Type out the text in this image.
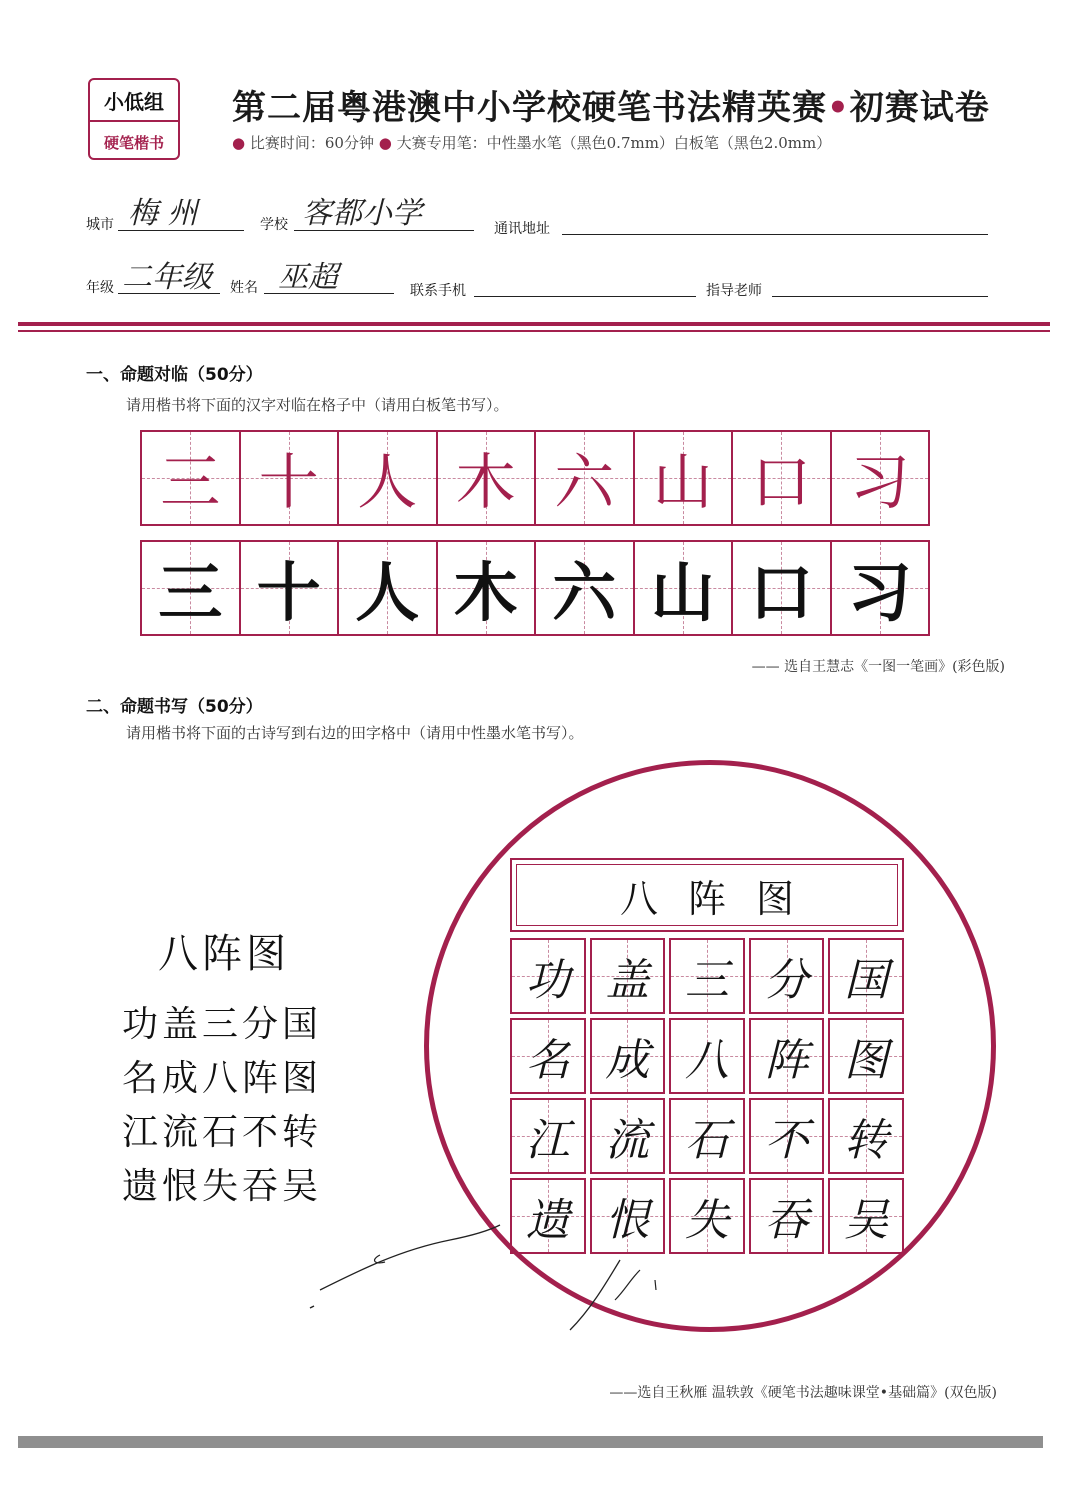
小低组
硬笔楷书
第二届粤港澳中小学校硬笔书法精英赛•初赛试卷
● 比赛时间：60分钟 ● 大赛专用笔：中性墨水笔（黑色0.7mm）白板笔（黑色2.0mm）
城市 梅 州	学校 客都小学	通讯地址
年级 二年级 姓名 巫超	联系手机	指导老师
一、命题对临（50分）
请用楷书将下面的汉字对临在格子中（请用白板笔书写）。
三 十 人 木 六 山 口 习
三 十 人 木 六 山 口 习
—— 选自王慧志《一图一笔画》(彩色版)
二、命题书写（50分）
请用楷书将下面的古诗写到右边的田字格中（请用中性墨水笔书写）。
八阵图
功盖三分国
名成八阵图
江流石不转
遗恨失吞吴
八阵图
功 盖 三 分 国
名 成 八 阵 图
江 流 石 不 转
遗 恨 失 吞 吴
——选自王秋雁 温轶敦《硬笔书法趣味课堂•基础篇》(双色版)
